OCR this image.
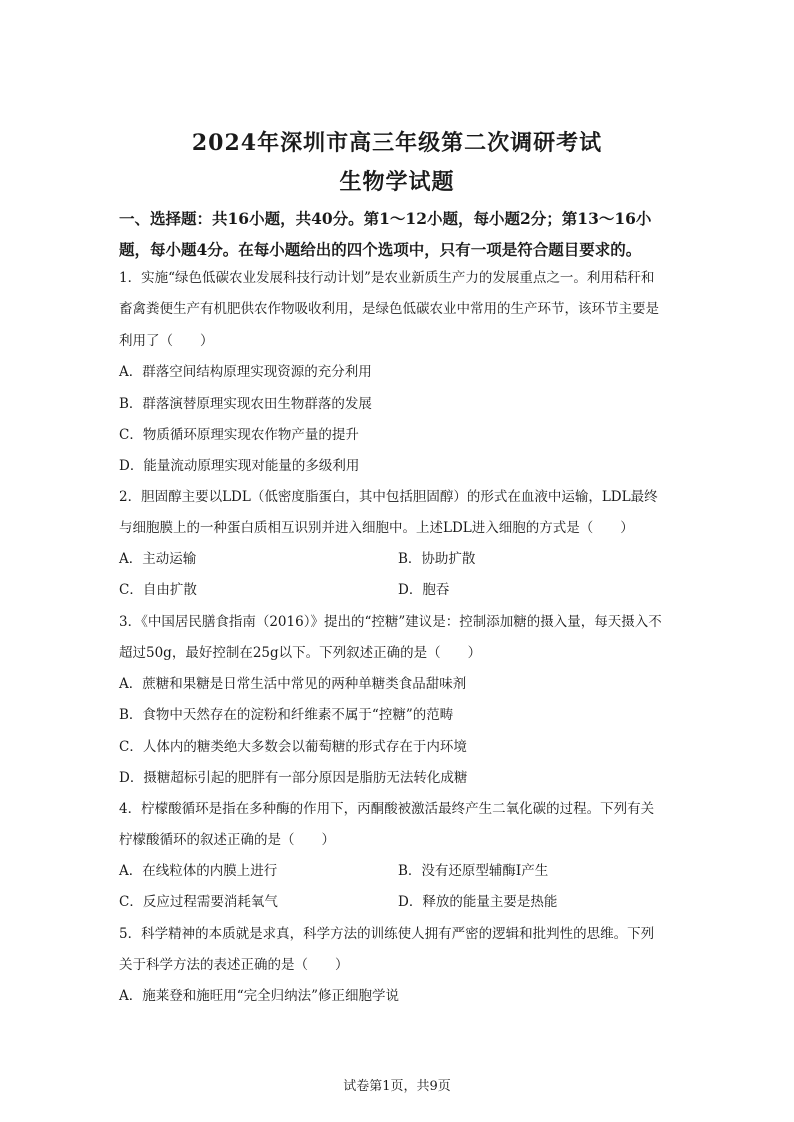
2024年深圳市高三年级第二次调研考试
生物学试题
一、选择题：共16小题，共40分。第1～12小题，每小题2分；第13～16小
题，每小题4分。在每小题给出的四个选项中，只有一项是符合题目要求的。
1．实施“绿色低碳农业发展科技行动计划”是农业新质生产力的发展重点之一。利用秸秆和
畜禽粪便生产有机肥供农作物吸收利用，是绿色低碳农业中常用的生产环节，该环节主要是
利用了（　　）
A．群落空间结构原理实现资源的充分利用
B．群落演替原理实现农田生物群落的发展
C．物质循环原理实现农作物产量的提升
D．能量流动原理实现对能量的多级利用
2．胆固醇主要以LDL（低密度脂蛋白，其中包括胆固醇）的形式在血液中运输，LDL最终
与细胞膜上的一种蛋白质相互识别并进入细胞中。上述LDL进入细胞的方式是（　　）
A．主动运输	B．协助扩散
C．自由扩散	D．胞吞
3．《中国居民膳食指南（2016）》提出的“控糖”建议是：控制添加糖的摄入量，每天摄入不
超过50g，最好控制在25g以下。下列叙述正确的是（　　）
A．蔗糖和果糖是日常生活中常见的两种单糖类食品甜味剂
B．食物中天然存在的淀粉和纤维素不属于“控糖”的范畴
C．人体内的糖类绝大多数会以葡萄糖的形式存在于内环境
D．摄糖超标引起的肥胖有一部分原因是脂肪无法转化成糖
4．柠檬酸循环是指在多种酶的作用下，丙酮酸被激活最终产生二氧化碳的过程。下列有关
柠檬酸循环的叙述正确的是（　　）
A．在线粒体的内膜上进行	B．没有还原型辅酶Ⅰ产生
C．反应过程需要消耗氧气	D．释放的能量主要是热能
5．科学精神的本质就是求真，科学方法的训练使人拥有严密的逻辑和批判性的思维。下列
关于科学方法的表述正确的是（　　）
A．施莱登和施旺用“完全归纳法”修正细胞学说
试卷第1页，共9页
